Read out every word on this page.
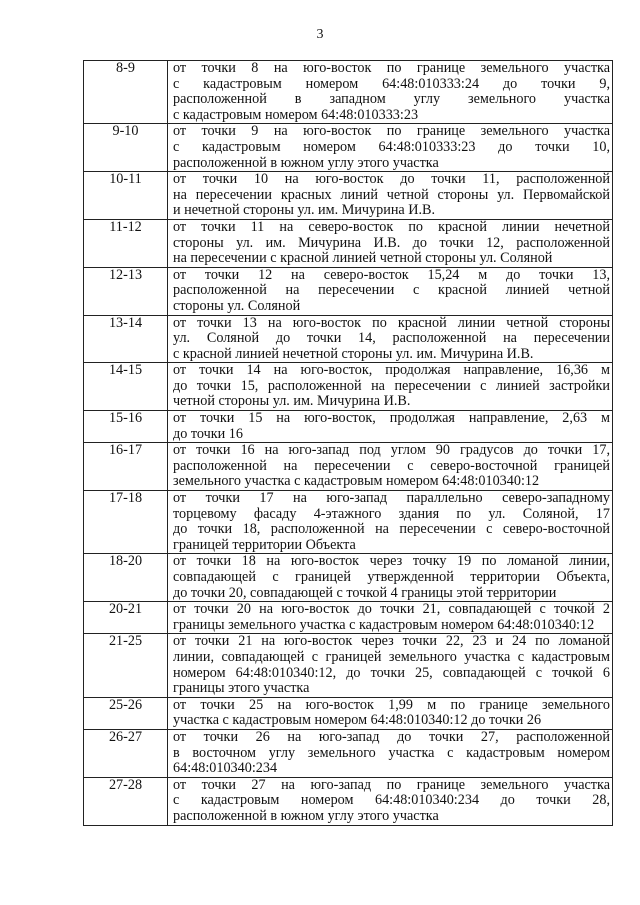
3
8-9	от точки 8 на юго-восток по границе земельного участка
с кадастровым номером 64:48:010333:24 до точки 9,
расположенной в западном углу земельного участка
с кадастровым номером 64:48:010333:23

9-10	от точки 9 на юго-восток по границе земельного участка
с кадастровым номером 64:48:010333:23 до точки 10,
расположенной в южном углу этого участка

10-11	от точки 10 на юго-восток до точки 11, расположенной
на пересечении красных линий четной стороны ул. Первомайской
и нечетной стороны ул. им. Мичурина И.В.

11-12	от точки 11 на северо-восток по красной линии нечетной
стороны ул. им. Мичурина И.В. до точки 12, расположенной
на пересечении с красной линией четной стороны ул. Соляной

12-13	от точки 12 на северо-восток 15,24 м до точки 13,
расположенной на пересечении с красной линией четной
стороны ул. Соляной

13-14	от точки 13 на юго-восток по красной линии четной стороны
ул. Соляной до точки 14, расположенной на пересечении
с красной линией нечетной стороны ул. им. Мичурина И.В.

14-15	от точки 14 на юго-восток, продолжая направление, 16,36 м
до точки 15, расположенной на пересечении с линией застройки
четной стороны ул. им. Мичурина И.В.

15-16	от точки 15 на юго-восток, продолжая направление, 2,63 м
до точки 16

16-17	от точки 16 на юго-запад под углом 90 градусов до точки 17,
расположенной на пересечении с северо-восточной границей
земельного участка с кадастровым номером 64:48:010340:12

17-18	от точки 17 на юго-запад параллельно северо-западному
торцевому фасаду 4-этажного здания по ул. Соляной, 17
до точки 18, расположенной на пересечении с северо-восточной
границей территории Объекта

18-20	от точки 18 на юго-восток через точку 19 по ломаной линии,
совпадающей с границей утвержденной территории Объекта,
до точки 20, совпадающей с точкой 4 границы этой территории

20-21	от точки 20 на юго-восток до точки 21, совпадающей с точкой 2
границы земельного участка с кадастровым номером 64:48:010340:12

21-25	от точки 21 на юго-восток через точки 22, 23 и 24 по ломаной
линии, совпадающей с границей земельного участка с кадастровым
номером 64:48:010340:12, до точки 25, совпадающей с точкой 6
границы этого участка

25-26	от точки 25 на юго-восток 1,99 м по границе земельного
участка с кадастровым номером 64:48:010340:12 до точки 26

26-27	от точки 26 на юго-запад до точки 27, расположенной
в восточном углу земельного участка с кадастровым номером
64:48:010340:234

27-28	от точки 27 на юго-запад по границе земельного участка
с кадастровым номером 64:48:010340:234 до точки 28,
расположенной в южном углу этого участка
